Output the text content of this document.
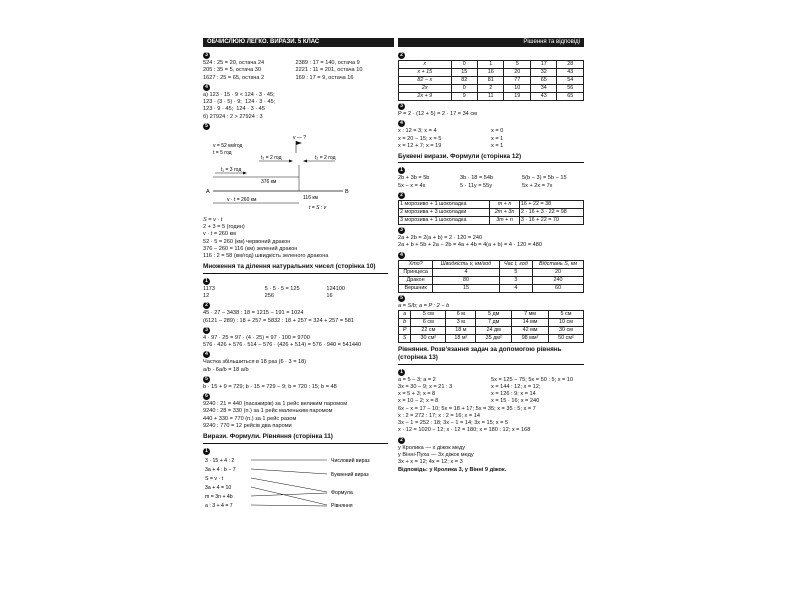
ОБЧИСЛЮЮ ЛЕГКО. ВИРАЗИ. 5 КЛАС	Рішення та відповіді
3
524 : 25 = 20, остача 24
205 : 35 = 5, остача 30
1627 : 25 = 65, остача 2
2389 : 17 = 140, остача 9
2221 : 11 = 201, остача 10
169 : 17 = 9, остача 16
4
а) 123 · 15 · 9 < 124 · 3 · 45;
123 · (3 · 5) · 9;  124 · 3 · 45;
123 · 9 · 45;  124 · 3 · 45
б) 27924 : 2 > 27924 : 3
5
v — ?
v = 52 км/год
t = 5 год
t₂ = 2 год	t₂ = 2 год
t₁ = 3 год
376 км
A	B
116 км
v · t = 260 км
t = S : v
S = v · t
2 + 3 = 5 (годин)
v · t = 260 км
52 · 5 = 260 (км) червоний дракон
376 − 260 = 116 (км) зелений дракон
116 : 2 = 58 (км/год) швидкість зеленого дракона
Множення та ділення натуральних чисел (сторінка 10)
1
1173	5 · 5 · 5 = 125	124100
12	256	16
2
45 · 27 − 3438 : 18 = 1215 − 191 = 1024
(6121 − 289) : 18 + 257 = 5832 : 18 + 257 = 324 + 257 = 581
3
4 · 97 · 25 = 97 · (4 · 25) = 97 · 100 = 9700
576 · 426 + 576 · 514 − 576 · (426 + 514) = 576 · 940 = 541440
4
Частка збільшиться в 18 раз (6 · 3 = 18)
a/b · 6a/b = 18 a/b
5
b · 15 + 9 = 729; b · 15 = 729 − 9; b = 720 : 15; b = 48
6
9240 : 21 = 440 (пасажирів) за 1 рейс великим паромом
9240 : 28 = 330 (п.) за 1 рейс маленьким паромом
440 + 330 = 770 (п.) за 1 рейс разом
9240 : 770 = 12 рейсів два пароми
Вирази. Формули. Рівняння (сторінка 11)
1
3 · 15 + 4 : 2
3a + 4 : b − 7
S = v · t
3a + 4 = 10
m = 3n + 4b
a : 3 + 4 = 7
Числовий вираз
Буквений вираз
Формула
Рівняння
2
x	0	1	5	17	28
x + 15	15	16	20	32	43
82 − x	82	81	77	65	54
2x	0	2	10	34	56
2x + 9	9	11	19	43	65
3
P = 2 · (12 + 5) = 2 · 17 = 34 см
4
x : 12 = 3; x = 4
x = 20 − 15; x = 5
x = 12 + 7; x = 19
x = 0
x = 1
x = 1
Буквені вирази. Формули (сторінка 12)
1
2b + 3b = 5b	3b · 18 = 54b	5(b − 3) = 5b − 15
5x − x = 4x	5 · 11y = 55y	5x + 2x = 7x
2
1 морозиво + 1 шоколадка	m + n	16 + 22 = 38
2 морозива + 3 шоколадки	2m + 3n	2 · 16 + 3 · 22 = 98
3 морозива + 1 шоколадка	3m + n	3 · 16 + 22 = 70
3
2a + 2b = 2(a + b) = 2 · 120 = 240
2a + b + 5b + 2a − 2b = 4a + 4b = 4(a + b) = 4 · 120 = 480
4
Хто?	Швидкість v, км/год	Час t, год	Відстань S, км
Принцеса	4	5	20
Дракон	80	3	240
Вершник	15	4	60
5
a = S/b; a = P : 2 − b
a	5 см	6 м	5 дм	7 мм	5 см
b	6 см	3 м	7 дм	14 мм	10 см
P	22 см	18 м	24 дм	42 мм	30 см
S	30 см²	18 м²	35 дм²	98 мм²	50 см²
Рівняння. Розв'язання задач за допомогою рівнянь (сторінка 13)
1
a = 5 − 3; a = 2
3x = 30 − 9; x = 21 : 3
x = 5 + 3; x = 8
x = 10 − 2; x = 8
5x = 125 − 75; 5x = 50 : 5; x = 10
x = 144 : 12; x = 12;
x = 126 : 9; x = 14
x = 15 · 16; x = 240
6x − x = 17 − 10; 5x = 18 + 17; 5x = 35; x = 35 : 5; x = 7
x : 2 = 272 : 17; x : 2 = 16; x = 14
3x − 1 = 252 : 18; 3x − 1 = 14; 3x = 15; x = 5
x · 12 = 1020 − 12; x · 12 = 180; x = 180 : 12; x = 168
2
у Кролика — x діжок меду
у Вінні-Пуха — 3x діжок меду
3x + x = 12; 4x = 12; x = 3
Відповідь: у Кролика 3, у Вінні 9 діжок.
